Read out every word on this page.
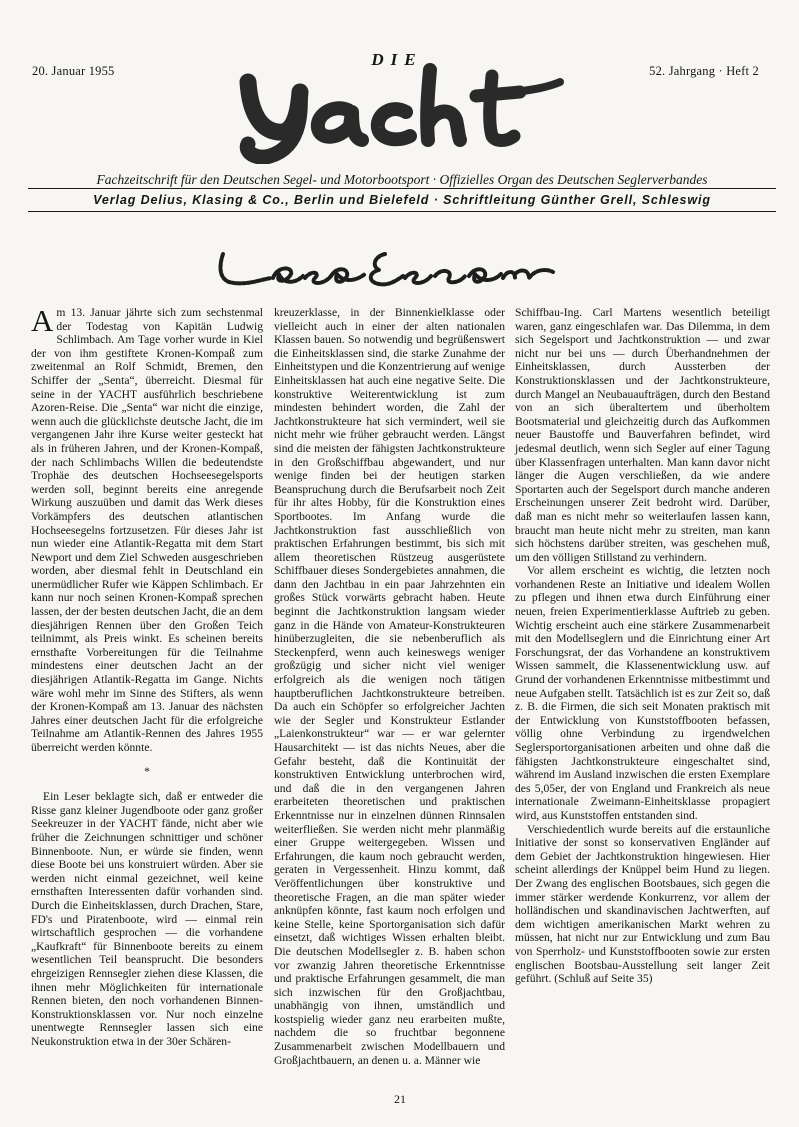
20. Januar 1955	52. Jahrgang · Heft 2
DIE
Fachzeitschrift für den Deutschen Segel- und Motorbootsport · Offizielles Organ des Deutschen Seglerverbandes
Verlag Delius, Klasing & Co., Berlin und Bielefeld · Schriftleitung Günther Grell, Schleswig

Am 13. Januar jährte sich zum sechstenmal der Todestag von Kapitän Ludwig Schlimbach. Am Tage vorher wurde in Kiel der von ihm gestiftete Kronen-Kompaß zum zweitenmal an Rolf Schmidt, Bremen, den Schiffer der „Senta“, überreicht. Diesmal für seine in der YACHT ausführlich beschriebene Azoren-Reise. Die „Senta“ war nicht die einzige, wenn auch die glücklichste deutsche Jacht, die im vergangenen Jahr ihre Kurse weiter gesteckt hat als in früheren Jahren, und der Kronen-Kompaß, der nach Schlimbachs Willen die bedeutendste Trophäe des deutschen Hochseesegelsports werden soll, beginnt bereits eine anregende Wirkung auszuüben und damit das Werk dieses Vorkämpfers des deutschen atlantischen Hochseesegelns fortzusetzen. Für dieses Jahr ist nun wieder eine Atlantik-Regatta mit dem Start Newport und dem Ziel Schweden ausgeschrieben worden, aber diesmal fehlt in Deutschland ein unermüdlicher Rufer wie Käppen Schlimbach. Er kann nur noch seinen Kronen-Kompaß sprechen lassen, der der besten deutschen Jacht, die an dem diesjährigen Rennen über den Großen Teich teilnimmt, als Preis winkt. Es scheinen bereits ernsthafte Vorbereitungen für die Teilnahme mindestens einer deutschen Jacht an der diesjährigen Atlantik-Regatta im Gange. Nichts wäre wohl mehr im Sinne des Stifters, als wenn der Kronen-Kompaß am 13. Januar des nächsten Jahres einer deutschen Jacht für die erfolgreiche Teilnahme am Atlantik-Rennen des Jahres 1955 überreicht werden könnte.

*

Ein Leser beklagte sich, daß er entweder die Risse ganz kleiner Jugendboote oder ganz großer Seekreuzer in der YACHT fände, nicht aber wie früher die Zeichnungen schnittiger und schöner Binnenboote. Nun, er würde sie finden, wenn diese Boote bei uns konstruiert würden. Aber sie werden nicht einmal gezeichnet, weil keine ernsthaften Interessenten dafür vorhanden sind. Durch die Einheitsklassen, durch Drachen, Stare, FD's und Piratenboote, wird — einmal rein wirtschaftlich gesprochen — die vorhandene „Kaufkraft“ für Binnenboote bereits zu einem wesentlichen Teil beansprucht. Die besonders ehrgeizigen Rennsegler ziehen diese Klassen, die ihnen mehr Möglichkeiten für internationale Rennen bieten, den noch vorhandenen Binnen-Konstruktionsklassen vor. Nur noch einzelne unentwegte Rennsegler lassen sich eine Neukonstruktion etwa in der 30er Schären-

kreuzerklasse, in der Binnenkielklasse oder vielleicht auch in einer der alten nationalen Klassen bauen. So notwendig und begrüßenswert die Einheitsklassen sind, die starke Zunahme der Einheitstypen und die Konzentrierung auf wenige Einheitsklassen hat auch eine negative Seite. Die konstruktive Weiterentwicklung ist zum mindesten behindert worden, die Zahl der Jachtkonstrukteure hat sich vermindert, weil sie nicht mehr wie früher gebraucht werden. Längst sind die meisten der fähigsten Jachtkonstrukteure in den Großschiffbau abgewandert, und nur wenige finden bei der heutigen starken Beanspruchung durch die Berufsarbeit noch Zeit für ihr altes Hobby, für die Konstruktion eines Sportbootes. Im Anfang wurde die Jachtkonstruktion fast ausschließlich von praktischen Erfahrungen bestimmt, bis sich mit allem theoretischen Rüstzeug ausgerüstete Schiffbauer dieses Sondergebietes annahmen, die dann den Jachtbau in ein paar Jahrzehnten ein großes Stück vorwärts gebracht haben. Heute beginnt die Jachtkonstruktion langsam wieder ganz in die Hände von Amateur-Konstrukteuren hinüberzugleiten, die sie nebenberuflich als Steckenpferd, wenn auch keineswegs weniger großzügig und sicher nicht viel weniger erfolgreich als die wenigen noch tätigen hauptberuflichen Jachtkonstrukteure betreiben. Da auch ein Schöpfer so erfolgreicher Jachten wie der Segler und Konstrukteur Estlander „Laienkonstrukteur“ war — er war gelernter Hausarchitekt — ist das nichts Neues, aber die Gefahr besteht, daß die Kontinuität der konstruktiven Entwicklung unterbrochen wird, und daß die in den vergangenen Jahren erarbeiteten theoretischen und praktischen Erkenntnisse nur in einzelnen dünnen Rinnsalen weiterfließen. Sie werden nicht mehr planmäßig einer Gruppe weitergegeben. Wissen und Erfahrungen, die kaum noch gebraucht werden, geraten in Vergessenheit. Hinzu kommt, daß Veröffentlichungen über konstruktive und theoretische Fragen, an die man später wieder anknüpfen könnte, fast kaum noch erfolgen und keine Stelle, keine Sportorganisation sich dafür einsetzt, daß wichtiges Wissen erhalten bleibt. Die deutschen Modellsegler z. B. haben schon vor zwanzig Jahren theoretische Erkenntnisse und praktische Erfahrungen gesammelt, die man sich inzwischen für den Großjachtbau, unabhängig von ihnen, umständlich und kostspielig wieder ganz neu erarbeiten mußte, nachdem die so fruchtbar begonnene Zusammenarbeit zwischen Modellbauern und Großjachtbauern, an denen u. a. Männer wie

Schiffbau-Ing. Carl Martens wesentlich beteiligt waren, ganz eingeschlafen war. Das Dilemma, in dem sich Segelsport und Jachtkonstruktion — und zwar nicht nur bei uns — durch Überhandnehmen der Einheitsklassen, durch Aussterben der Konstruktionsklassen und der Jachtkonstrukteure, durch Mangel an Neubauaufträgen, durch den Bestand von an sich überaltertem und überholtem Bootsmaterial und gleichzeitig durch das Aufkommen neuer Baustoffe und Bauverfahren befindet, wird jedesmal deutlich, wenn sich Segler auf einer Tagung über Klassenfragen unterhalten. Man kann davor nicht länger die Augen verschließen, da wie andere Sportarten auch der Segelsport durch manche anderen Erscheinungen unserer Zeit bedroht wird. Darüber, daß man es nicht mehr so weiterlaufen lassen kann, braucht man heute nicht mehr zu streiten, man kann sich höchstens darüber streiten, was geschehen muß, um den völligen Stillstand zu verhindern.

Vor allem erscheint es wichtig, die letzten noch vorhandenen Reste an Initiative und idealem Wollen zu pflegen und ihnen etwa durch Einführung einer neuen, freien Experimentierklasse Auftrieb zu geben. Wichtig erscheint auch eine stärkere Zusammenarbeit mit den Modellseglern und die Einrichtung einer Art Forschungsrat, der das Vorhandene an konstruktivem Wissen sammelt, die Klassenentwicklung usw. auf Grund der vorhandenen Erkenntnisse mitbestimmt und neue Aufgaben stellt. Tatsächlich ist es zur Zeit so, daß z. B. die Firmen, die sich seit Monaten praktisch mit der Entwicklung von Kunststoffbooten befassen, völlig ohne Verbindung zu irgendwelchen Seglersportorganisationen arbeiten und ohne daß die fähigsten Jachtkonstrukteure eingeschaltet sind, während im Ausland inzwischen die ersten Exemplare des 5,05er, der von England und Frankreich als neue internationale Zweimann-Einheitsklasse propagiert wird, aus Kunststoffen entstanden sind.

Verschiedentlich wurde bereits auf die erstaunliche Initiative der sonst so konservativen Engländer auf dem Gebiet der Jachtkonstruktion hingewiesen. Hier scheint allerdings der Knüppel beim Hund zu liegen. Der Zwang des englischen Bootsbaues, sich gegen die immer stärker werdende Konkurrenz, vor allem der holländischen und skandinavischen Jachtwerften, auf dem wichtigen amerikanischen Markt wehren zu müssen, hat nicht nur zur Entwicklung und zum Bau von Sperrholz- und Kunststoffbooten sowie zur ersten englischen Bootsbau-Ausstellung seit langer Zeit geführt. (Schluß auf Seite 35)

21
